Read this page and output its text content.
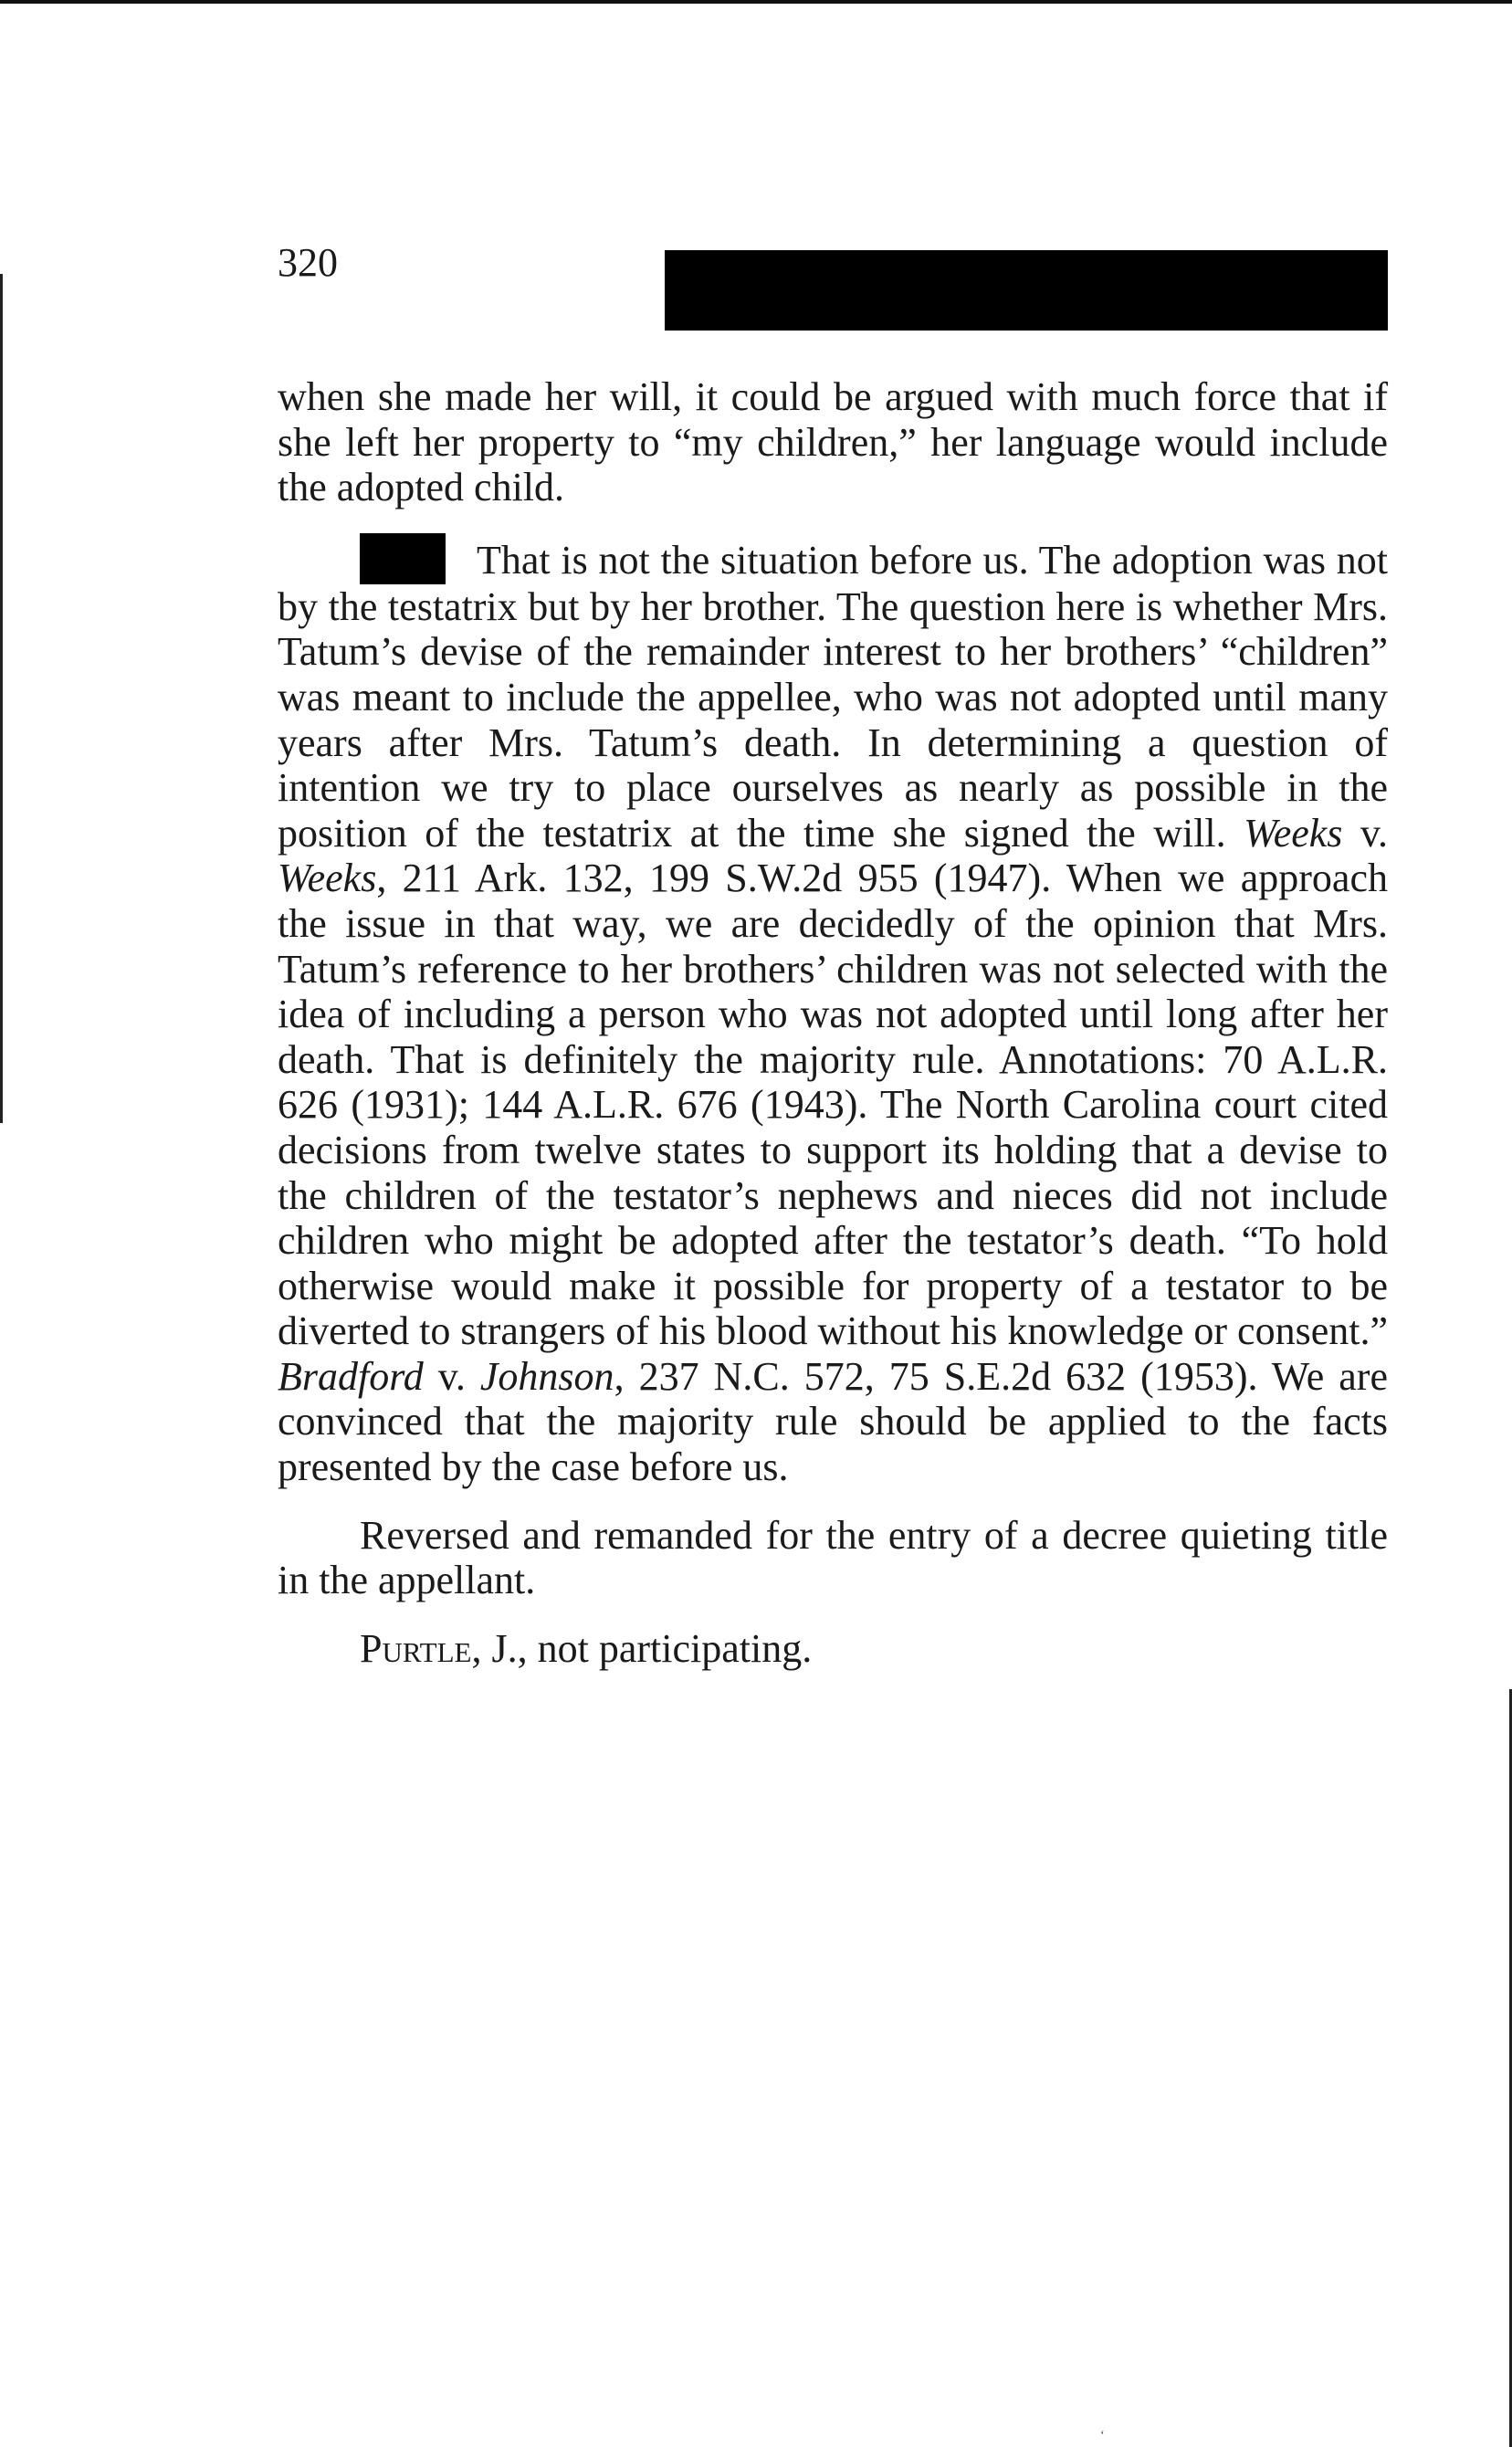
320

when she made her will, it could be argued with much force that if she left her property to “my children,” her language would include the adopted child.

That is not the situation before us. The adoption was not by the testatrix but by her brother. The question here is whether Mrs. Tatum’s devise of the remainder interest to her brothers’ “children” was meant to include the appellee, who was not adopted until many years after Mrs. Tatum’s death. In determining a question of intention we try to place ourselves as nearly as possible in the position of the testatrix at the time she signed the will. Weeks v. Weeks, 211 Ark. 132, 199 S.W.2d 955 (1947). When we approach the issue in that way, we are decidedly of the opinion that Mrs. Tatum’s reference to her brothers’ children was not selected with the idea of including a person who was not adopted until long after her death. That is definitely the majority rule. Annotations: 70 A.L.R. 626 (1931); 144 A.L.R. 676 (1943). The North Carolina court cited decisions from twelve states to support its holding that a devise to the children of the testator’s nephews and nieces did not include children who might be adopted after the testator’s death. “To hold otherwise would make it possible for property of a testator to be diverted to strangers of his blood without his knowledge or consent.” Bradford v. Johnson, 237 N.C. 572, 75 S.E.2d 632 (1953). We are convinced that the majority rule should be applied to the facts presented by the case before us.

Reversed and remanded for the entry of a decree quieting title in the appellant.

Purtle, J., not participating.

‘
